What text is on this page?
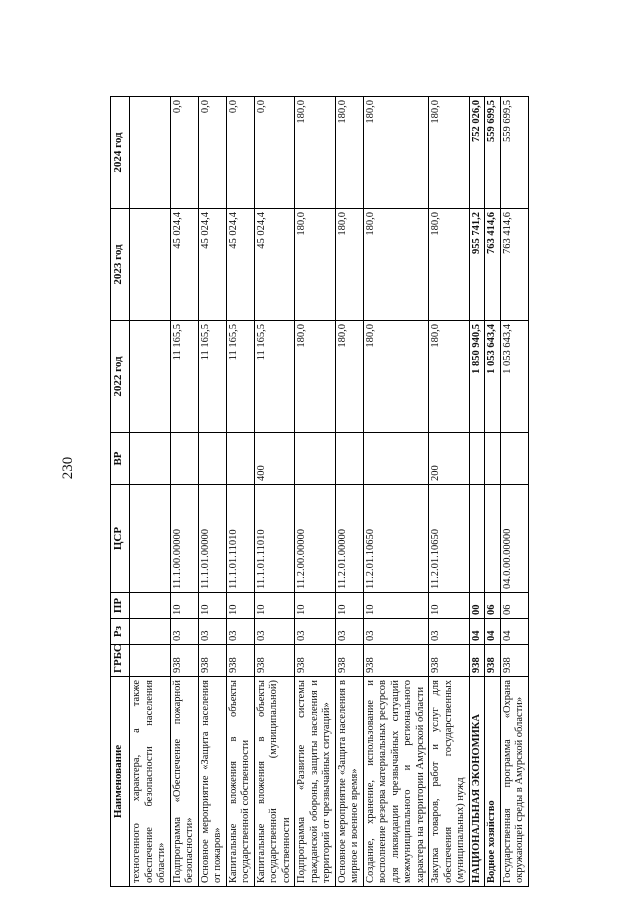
230
Наименование	ГРБС	Рз	ПР	ЦСР	ВР	2022 год	2023 год	2024 год
техногенного характера, а также обеспечение безопасности населения области»								
Подпрограмма «Обеспечение пожарной безопасности»	938	03	10	11.1.00.00000		11 165,5	45 024,4	0,0
Основное мероприятие «Защита населения от пожаров»	938	03	10	11.1.01.00000		11 165,5	45 024,4	0,0
Капитальные вложения в объекты государственной собственности	938	03	10	11.1.01.11010		11 165,5	45 024,4	0,0
Капитальные вложения в объекты государственной (муниципальной) собственности	938	03	10	11.1.01.11010	400	11 165,5	45 024,4	0,0
Подпрограмма «Развитие системы гражданской обороны, защиты населения и территорий от чрезвычайных ситуаций»	938	03	10	11.2.00.00000		180,0	180,0	180,0
Основное мероприятие «Защита населения в мирное и военное время»	938	03	10	11.2.01.00000		180,0	180,0	180,0
Создание, хранение, использование и восполнение резерва материальных ресурсов для ликвидации чрезвычайных ситуаций межмуниципального и регионального характера на территории Амурской области	938	03	10	11.2.01.10650		180,0	180,0	180,0
Закупка товаров, работ и услуг для обеспечения государственных (муниципальных) нужд	938	03	10	11.2.01.10650	200	180,0	180,0	180,0
НАЦИОНАЛЬНАЯ ЭКОНОМИКА	938	04	00			1 850 940,5	955 741,2	752 026,0
Водное хозяйство	938	04	06			1 053 643,4	763 414,6	559 699,5
Государственная программа «Охрана окружающей среды в Амурской области»	938	04	06	04.0.00.00000		1 053 643,4	763 414,6	559 699,5
